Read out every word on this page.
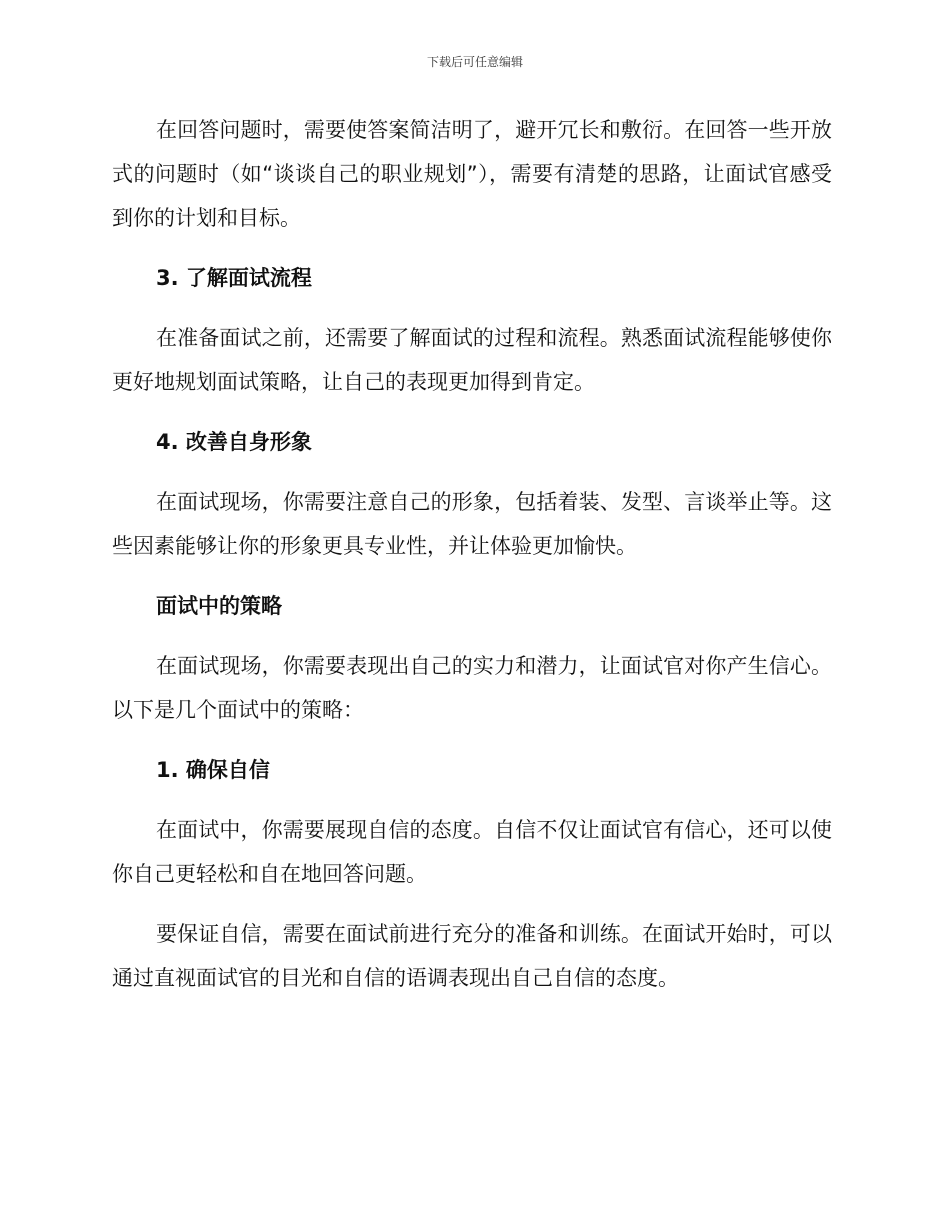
下载后可任意编辑

在回答问题时，需要使答案简洁明了，避开冗长和敷衍。在回答一些开放式的问题时（如“谈谈自己的职业规划”），需要有清楚的思路，让面试官感受到你的计划和目标。

3. 了解面试流程

在准备面试之前，还需要了解面试的过程和流程。熟悉面试流程能够使你更好地规划面试策略，让自己的表现更加得到肯定。

4. 改善自身形象

在面试现场，你需要注意自己的形象，包括着装、发型、言谈举止等。这些因素能够让你的形象更具专业性，并让体验更加愉快。

面试中的策略

在面试现场，你需要表现出自己的实力和潜力，让面试官对你产生信心。以下是几个面试中的策略：

1. 确保自信

在面试中，你需要展现自信的态度。自信不仅让面试官有信心，还可以使你自己更轻松和自在地回答问题。

要保证自信，需要在面试前进行充分的准备和训练。在面试开始时，可以通过直视面试官的目光和自信的语调表现出自己自信的态度。
